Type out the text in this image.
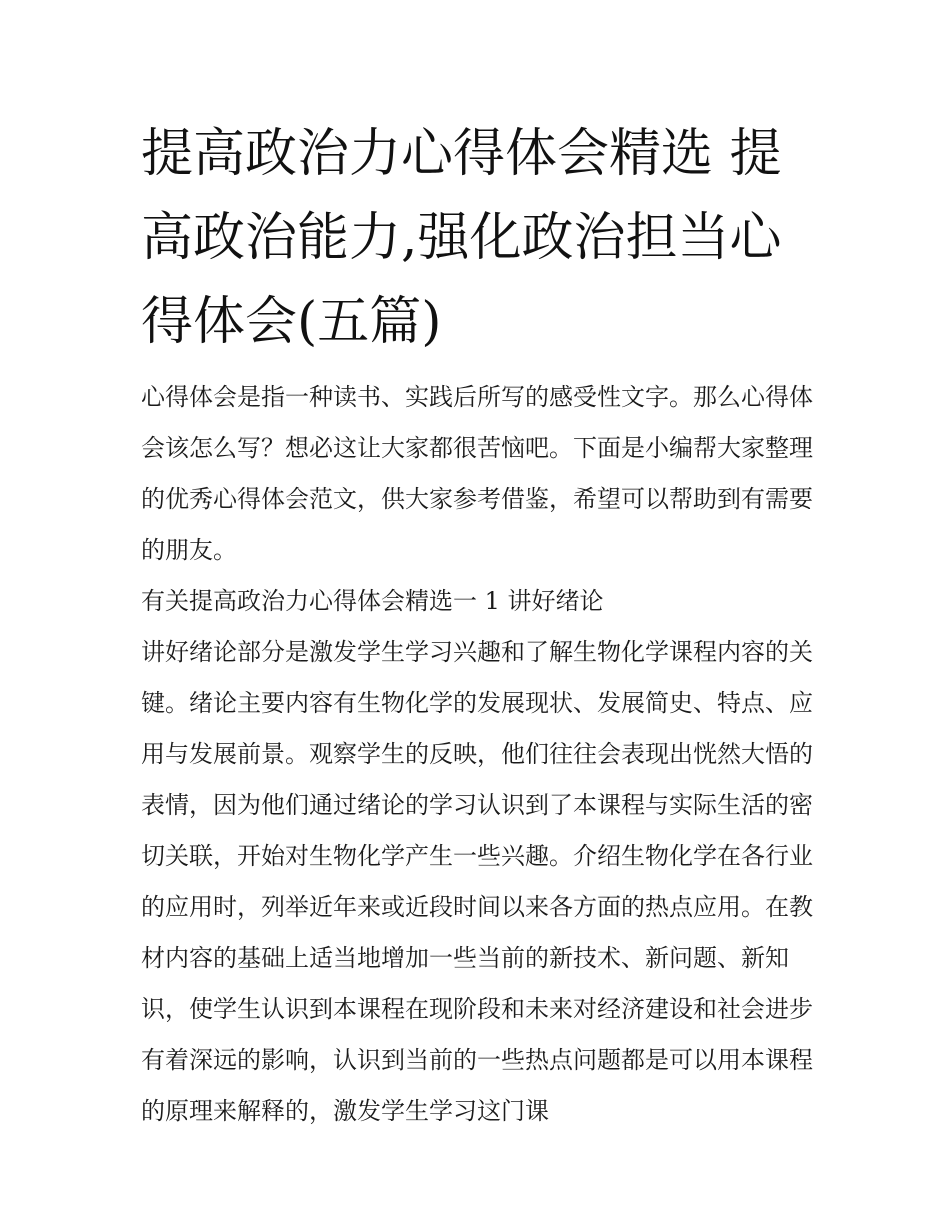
提高政治力心得体会精选 提高政治能力,强化政治担当心得体会(五篇)

心得体会是指一种读书、实践后所写的感受性文字。那么心得体会该怎么写？想必这让大家都很苦恼吧。下面是小编帮大家整理的优秀心得体会范文，供大家参考借鉴，希望可以帮助到有需要的朋友。

有关提高政治力心得体会精选一 1 讲好绪论

讲好绪论部分是激发学生学习兴趣和了解生物化学课程内容的关键。绪论主要内容有生物化学的发展现状、发展简史、特点、应用与发展前景。观察学生的反映，他们往往会表现出恍然大悟的表情，因为他们通过绪论的学习认识到了本课程与实际生活的密切关联，开始对生物化学产生一些兴趣。介绍生物化学在各行业的应用时，列举近年来或近段时间以来各方面的热点应用。在教材内容的基础上适当地增加一些当前的新技术、新问题、新知识，使学生认识到本课程在现阶段和未来对经济建设和社会进步有着深远的影响，认识到当前的一些热点问题都是可以用本课程的原理来解释的，激发学生学习这门课
